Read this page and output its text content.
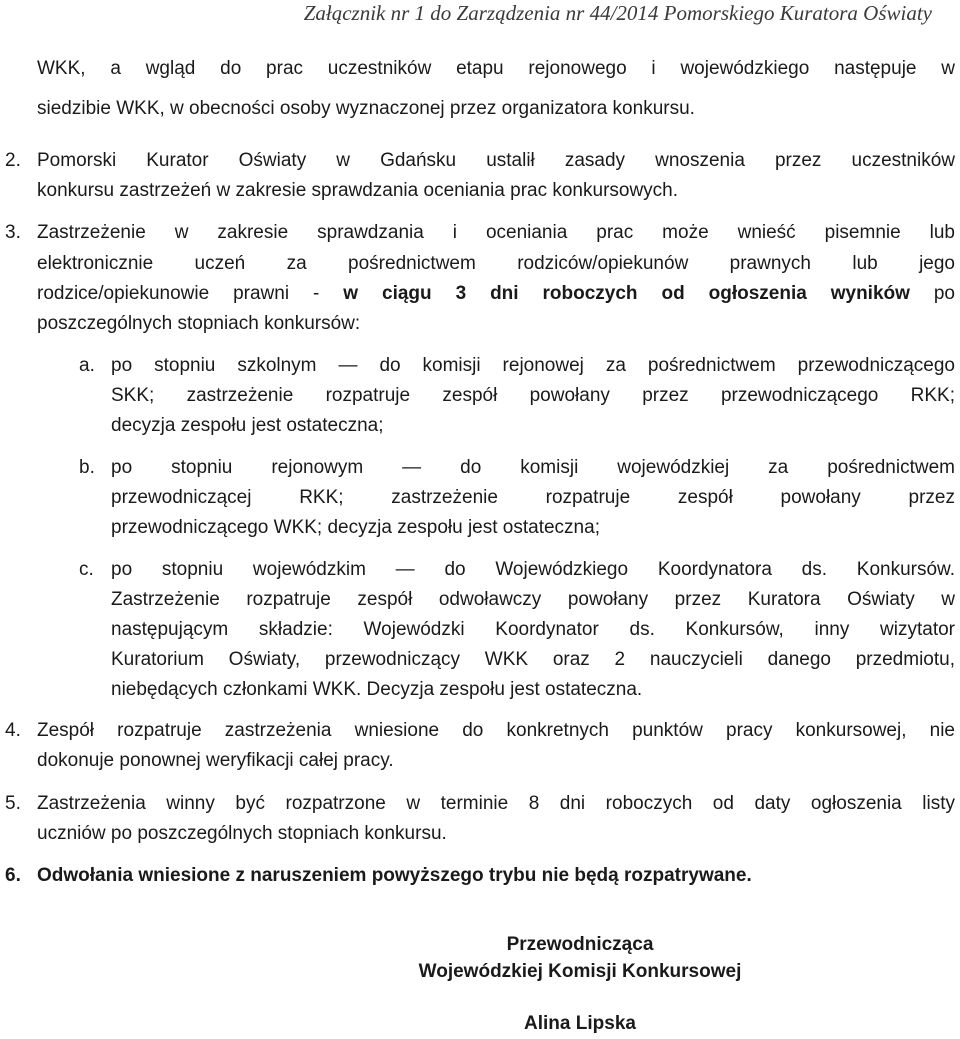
Załącznik nr 1 do Zarządzenia nr 44/2014 Pomorskiego Kuratora Oświaty
WKK, a wgląd do prac uczestników etapu rejonowego i wojewódzkiego następuje w
siedzibie WKK, w obecności osoby wyznaczonej przez organizatora konkursu.
2. Pomorski Kurator Oświaty w Gdańsku ustalił zasady wnoszenia przez uczestników
konkursu zastrzeżeń w zakresie sprawdzania oceniania prac konkursowych.
3. Zastrzeżenie w zakresie sprawdzania i oceniania prac może wnieść pisemnie lub
elektronicznie uczeń za pośrednictwem rodziców/opiekunów prawnych lub jego
rodzice/opiekunowie prawni - w ciągu 3 dni roboczych od ogłoszenia wyników po
poszczególnych stopniach konkursów:
a. po stopniu szkolnym — do komisji rejonowej za pośrednictwem przewodniczącego
SKK; zastrzeżenie rozpatruje zespół powołany przez przewodniczącego RKK;
decyzja zespołu jest ostateczna;
b. po stopniu rejonowym — do komisji wojewódzkiej za pośrednictwem
przewodniczącej RKK; zastrzeżenie rozpatruje zespół powołany przez
przewodniczącego WKK; decyzja zespołu jest ostateczna;
c. po stopniu wojewódzkim — do Wojewódzkiego Koordynatora ds. Konkursów.
Zastrzeżenie rozpatruje zespół odwoławczy powołany przez Kuratora Oświaty w
następującym składzie: Wojewódzki Koordynator ds. Konkursów, inny wizytator
Kuratorium Oświaty, przewodniczący WKK oraz 2 nauczycieli danego przedmiotu,
niebędących członkami WKK. Decyzja zespołu jest ostateczna.
4. Zespół rozpatruje zastrzeżenia wniesione do konkretnych punktów pracy konkursowej, nie
dokonuje ponownej weryfikacji całej pracy.
5. Zastrzeżenia winny być rozpatrzone w terminie 8 dni roboczych od daty ogłoszenia listy
uczniów po poszczególnych stopniach konkursu.
6. Odwołania wniesione z naruszeniem powyższego trybu nie będą rozpatrywane.
Przewodnicząca
Wojewódzkiej Komisji Konkursowej
Alina Lipska
